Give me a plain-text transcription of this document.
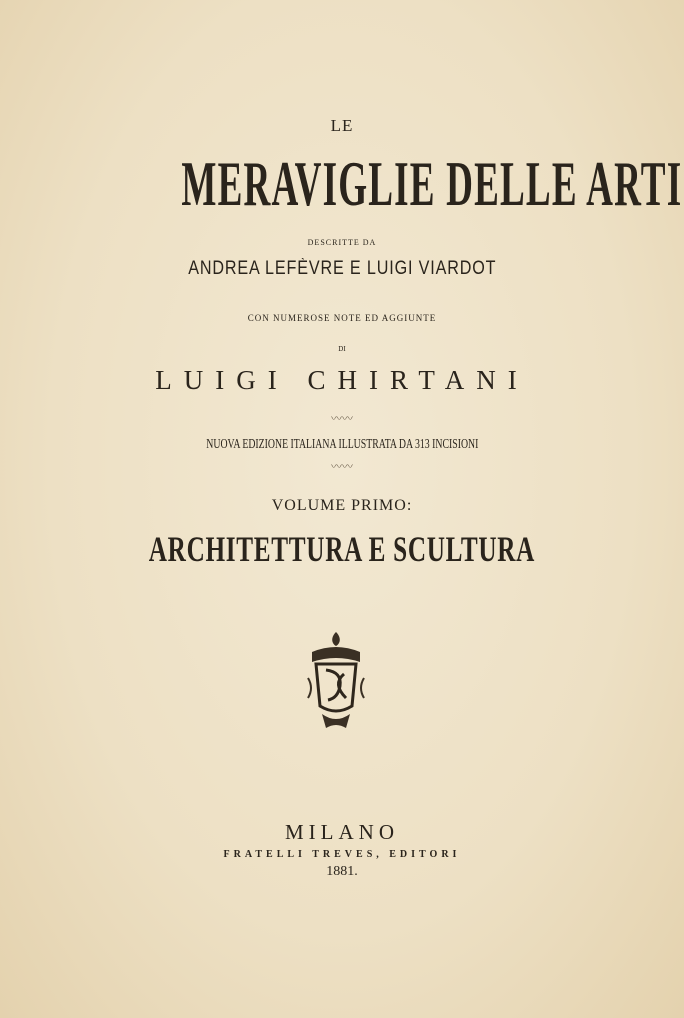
LE
MERAVIGLIE DELLE ARTI
DESCRITTE DA
ANDREA LEFÈVRE E LUIGI VIARDOT
CON NUMEROSE NOTE ED AGGIUNTE
DI
LUIGI CHIRTANI
〰〰
NUOVA EDIZIONE ITALIANA ILLUSTRATA DA 313 INCISIONI
〰〰
VOLUME PRIMO:
ARCHITETTURA E SCULTURA
MILANO
FRATELLI TREVES, EDITORI
1881.
